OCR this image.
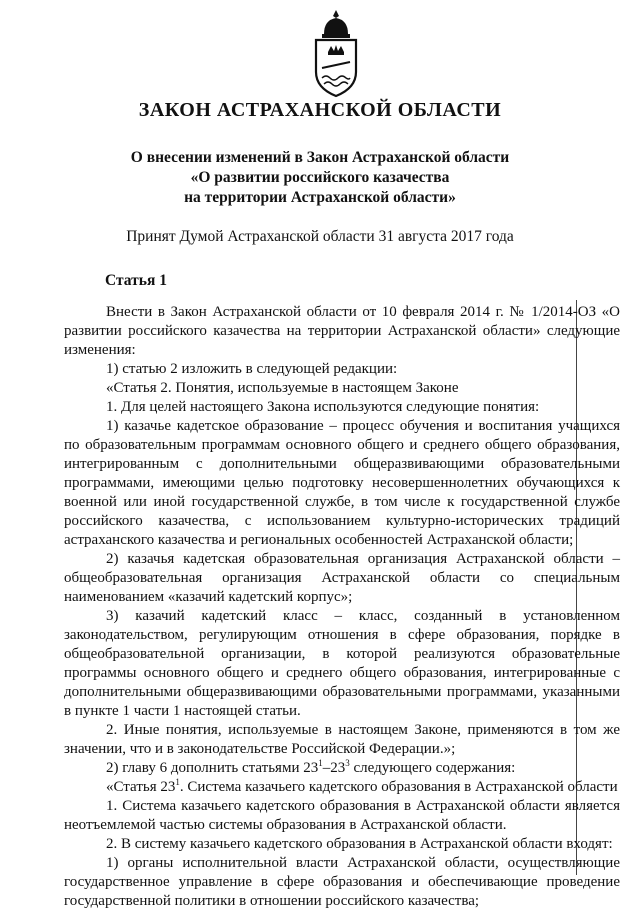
ЗАКОН АСТРАХАНСКОЙ ОБЛАСТИ
О внесении изменений в Закон Астраханской области
«О развитии российского казачества
на территории Астраханской области»
Принят Думой Астраханской области 31 августа 2017 года
Статья 1

Внести в Закон Астраханской области от 10 февраля 2014 г. № 1/2014-ОЗ «О развитии российского казачества на территории Астраханской области» следующие изменения:

1) статью 2 изложить в следующей редакции:

«Статья 2. Понятия, используемые в настоящем Законе

1. Для целей настоящего Закона используются следующие понятия:

1) казачье кадетское образование – процесс обучения и воспитания учащихся по образовательным программам основного общего и среднего общего образования, интегрированным с дополнительными общеразвивающими образовательными программами, имеющими целью подготовку несовершеннолетних обучающихся к военной или иной государственной службе, в том числе к государственной службе российского казачества, с использованием культурно-исторических традиций астраханского казачества и региональных особенностей Астраханской области;

2) казачья кадетская образовательная организация Астраханской области – общеобразовательная организация Астраханской области со специальным наименованием «казачий кадетский корпус»;

3) казачий кадетский класс – класс, созданный в установленном законодательством, регулирующим отношения в сфере образования, порядке в общеобразовательной организации, в которой реализуются образовательные программы основного общего и среднего общего образования, интегрированные с дополнительными общеразвивающими образовательными программами, указанными в пункте 1 части 1 настоящей статьи.

2. Иные понятия, используемые в настоящем Законе, применяются в том же значении, что и в законодательстве Российской Федерации.»;

2) главу 6 дополнить статьями $23^1-23^3$ следующего содержания:

«Статья $23^1$. Система казачьего кадетского образования в Астраханской области

1. Система казачьего кадетского образования в Астраханской области является неотъемлемой частью системы образования в Астраханской области.

2. В систему казачьего кадетского образования в Астраханской области входят:

1) органы исполнительной власти Астраханской области, осуществляющие государственное управление в сфере образования и обеспечивающие проведение государственной политики в отношении российского казачества;
